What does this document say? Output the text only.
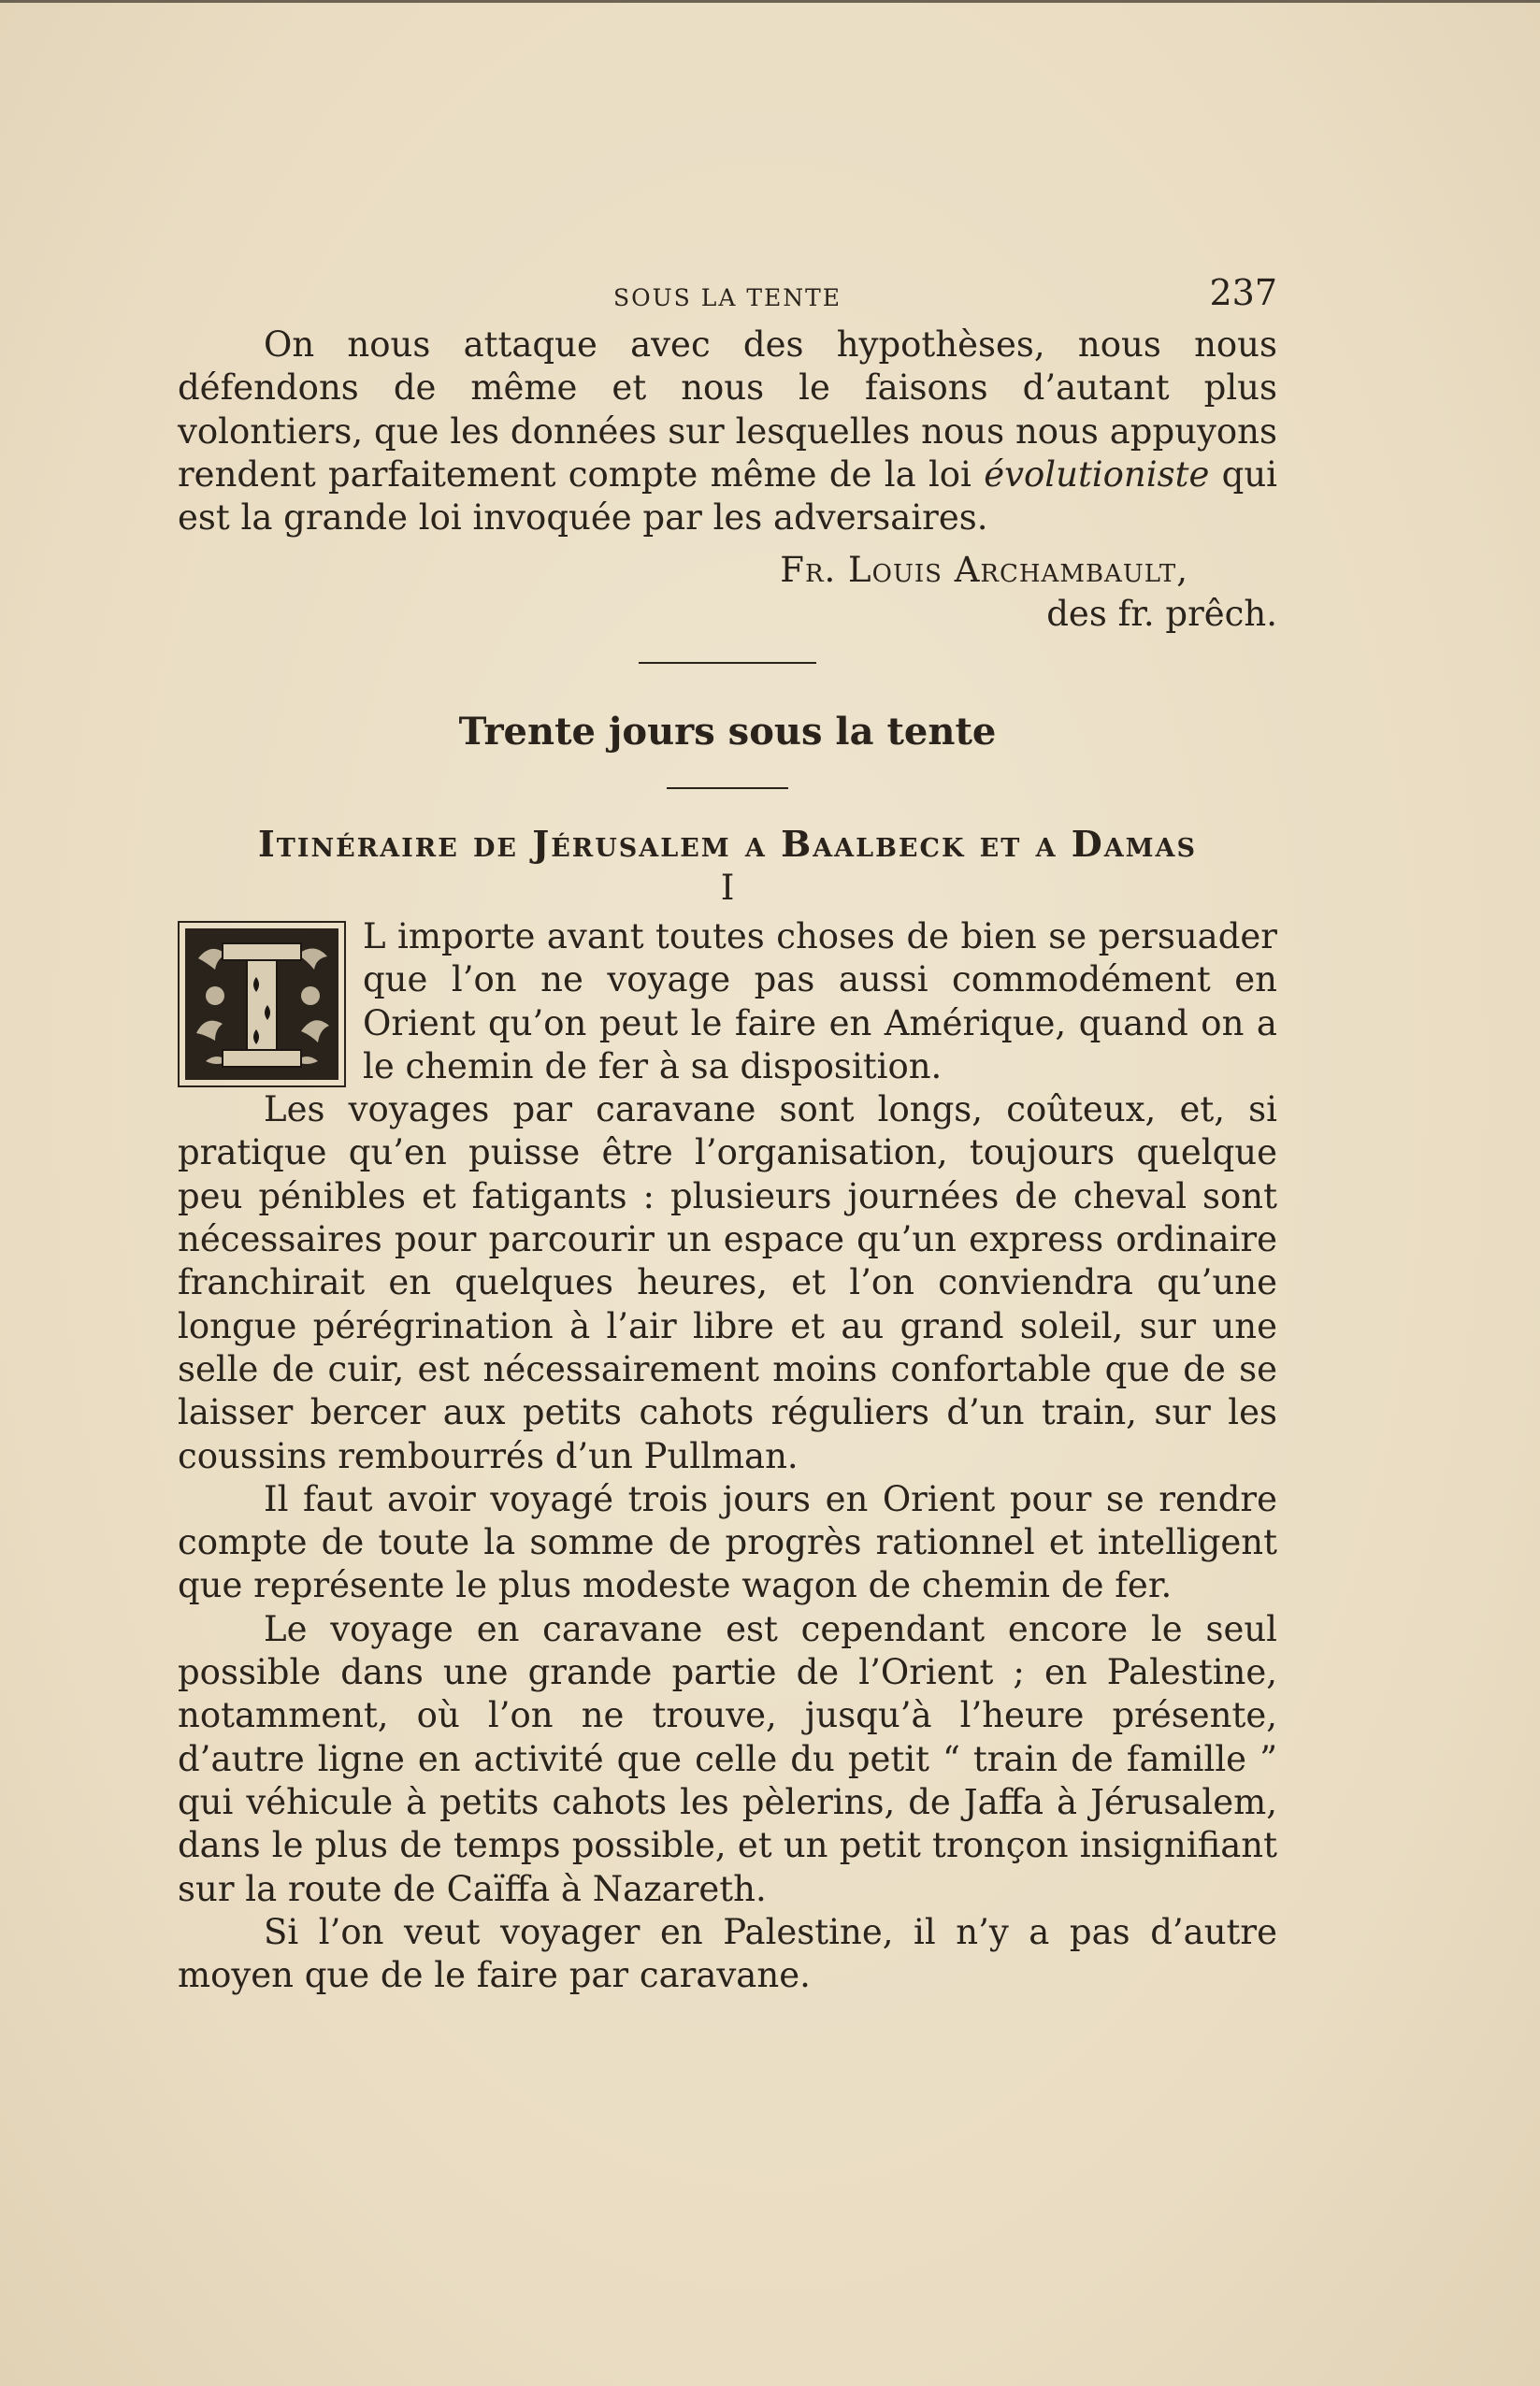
SOUS LA TENTE	237

On nous attaque avec des hypothèses, nous nous défendons de même et nous le faisons d’autant plus volontiers, que les données sur lesquelles nous nous appuyons rendent parfaitement compte même de la loi évolutioniste qui est la grande loi invoquée par les adversaires.

Fr. Louis Archambault,

des fr. prêch.

Trente jours sous la tente
Itinéraire de Jérusalem a Baalbeck et a Damas
I

L importe avant toutes choses de bien se persuader que l’on ne voyage pas aussi commodément en Orient qu’on peut le faire en Amérique, quand on a le chemin de fer à sa disposition.

Les voyages par caravane sont longs, coûteux, et, si pratique qu’en puisse être l’organisation, toujours quelque peu pénibles et fatigants : plusieurs journées de cheval sont nécessaires pour parcourir un espace qu’un express ordinaire franchirait en quelques heures, et l’on conviendra qu’une longue pérégrination à l’air libre et au grand soleil, sur une selle de cuir, est nécessairement moins confortable que de se laisser bercer aux petits cahots réguliers d’un train, sur les coussins rembourrés d’un Pullman.

Il faut avoir voyagé trois jours en Orient pour se rendre compte de toute la somme de progrès rationnel et intelligent que représente le plus modeste wagon de chemin de fer.

Le voyage en caravane est cependant encore le seul possible dans une grande partie de l’Orient ; en Palestine, notamment, où l’on ne trouve, jusqu’à l’heure présente, d’autre ligne en activité que celle du petit “ train de famille ” qui véhicule à petits cahots les pèlerins, de Jaffa à Jérusalem, dans le plus de temps possible, et un petit tronçon insignifiant sur la route de Caïffa à Nazareth.

Si l’on veut voyager en Palestine, il n’y a pas d’autre moyen que de le faire par caravane.
